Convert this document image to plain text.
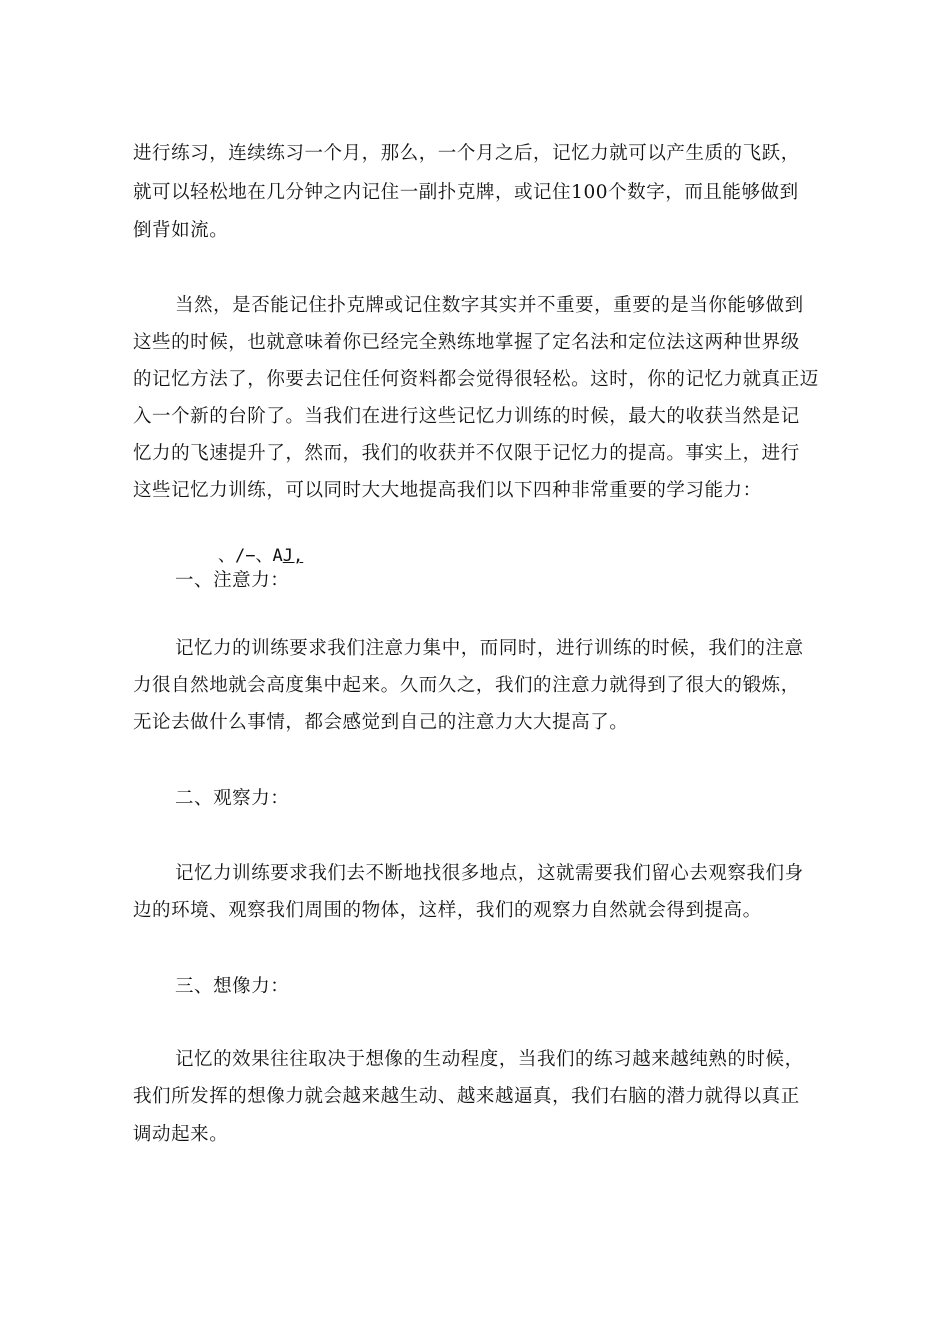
进行练习，连续练习一个月，那么，一个月之后，记忆力就可以产生质的飞跃，
就可以轻松地在几分钟之内记住一副扑克牌，或记住100个数字，而且能够做到
倒背如流。
当然，是否能记住扑克牌或记住数字其实并不重要，重要的是当你能够做到
这些的时候，也就意味着你已经完全熟练地掌握了定名法和定位法这两种世界级
的记忆方法了，你要去记住任何资料都会觉得很轻松。这时，你的记忆力就真正迈
入一个新的台阶了。当我们在进行这些记忆力训练的时候，最大的收获当然是记
忆力的飞速提升了，然而，我们的收获并不仅限于记忆力的提高。事实上，进行
这些记忆力训练，可以同时大大地提高我们以下四种非常重要的学习能力：
、/−、AJ,
一、注意力：
记忆力的训练要求我们注意力集中，而同时，进行训练的时候，我们的注意
力很自然地就会高度集中起来。久而久之，我们的注意力就得到了很大的锻炼，
无论去做什么事情，都会感觉到自己的注意力大大提高了。
二、观察力：
记忆力训练要求我们去不断地找很多地点，这就需要我们留心去观察我们身
边的环境、观察我们周围的物体，这样，我们的观察力自然就会得到提高。
三、想像力：
记忆的效果往往取决于想像的生动程度，当我们的练习越来越纯熟的时候，
我们所发挥的想像力就会越来越生动、越来越逼真，我们右脑的潜力就得以真正
调动起来。
